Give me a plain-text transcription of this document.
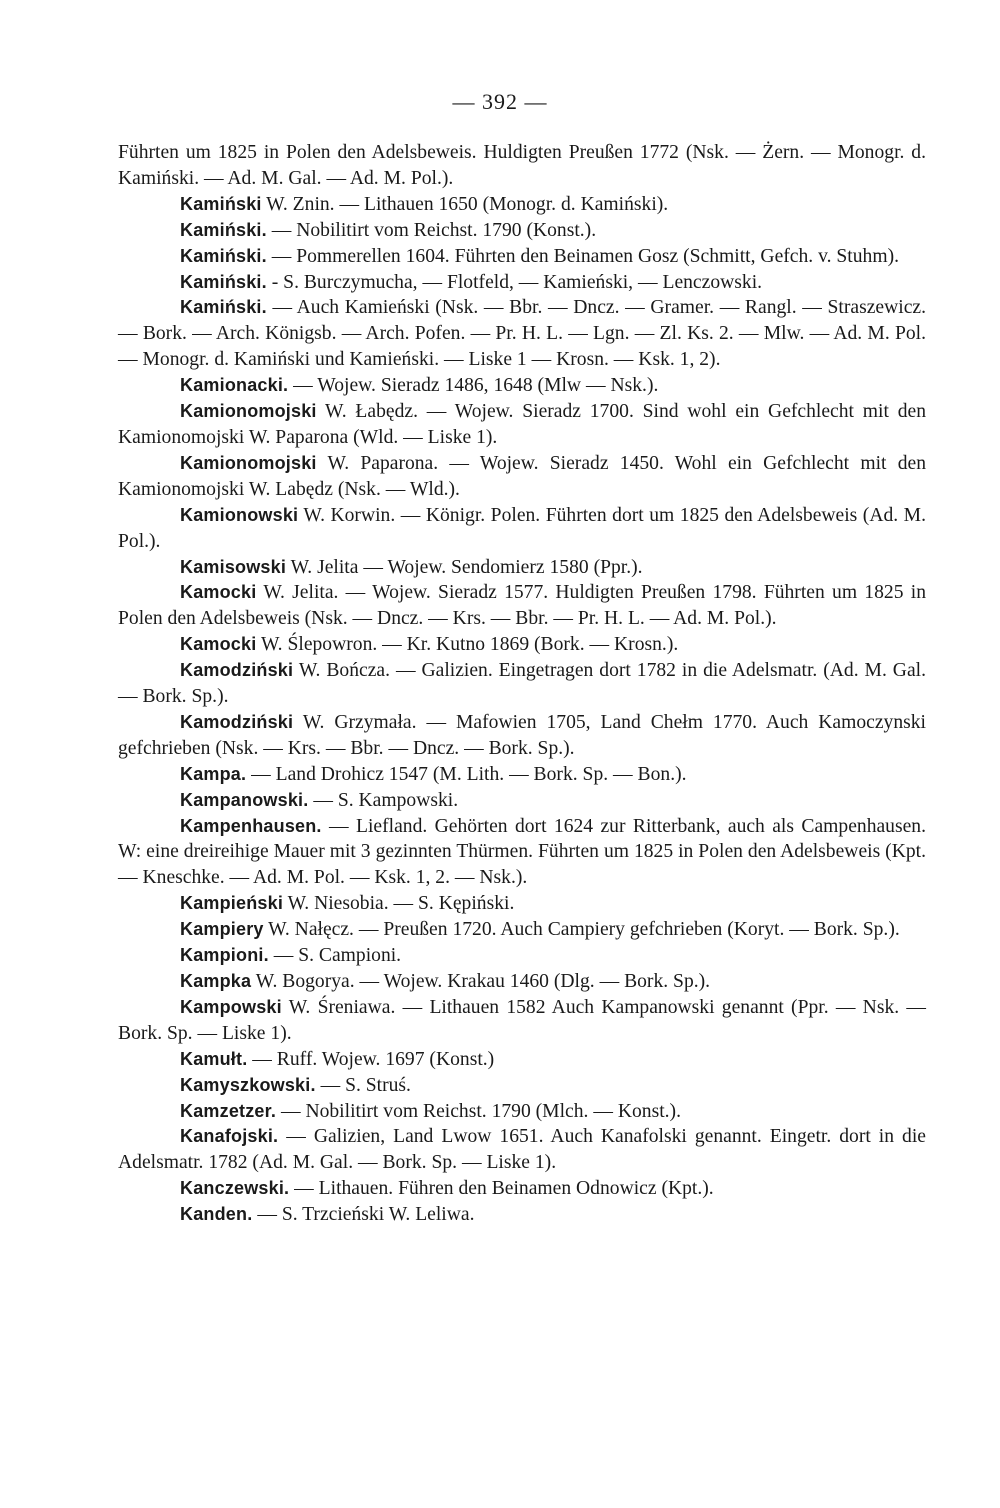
— 392 —

Führten um 1825 in Polen den Adelsbeweis. Huldigten Preußen 1772 (Nsk. — Żern. — Monogr. d. Kamiński. — Ad. M. Gal. — Ad. M. Pol.).

Kamiński W. Znin. — Lithauen 1650 (Monogr. d. Kamiński).

Kamiński. — Nobilitirt vom Reichst. 1790 (Konst.).

Kamiński. — Pommerellen 1604. Führten den Beinamen Gosz (Schmitt, Gefch. v. Stuhm).

Kamiński. - S. Burczymucha, — Flotfeld, — Kamieński, — Lenczowski.

Kamiński. — Auch Kamieński (Nsk. — Bbr. — Dncz. — Gramer. — Rangl. — Straszewicz. — Bork. — Arch. Königsb. — Arch. Pofen. — Pr. H. L. — Lgn. — Zl. Ks. 2. — Mlw. — Ad. M. Pol. — Monogr. d. Kamiński und Kamieński. — Liske 1 — Krosn. — Ksk. 1, 2).

Kamionacki. — Wojew. Sieradz 1486, 1648 (Mlw — Nsk.).

Kamionomojski W. Łabędz. — Wojew. Sieradz 1700. Sind wohl ein Gefchlecht mit den Kamionomojski W. Paparona (Wld. — Liske 1).

Kamionomojski W. Paparona. — Wojew. Sieradz 1450. Wohl ein Gefchlecht mit den Kamionomojski W. Labędz (Nsk. — Wld.).

Kamionowski W. Korwin. — Königr. Polen. Führten dort um 1825 den Adelsbeweis (Ad. M. Pol.).

Kamisowski W. Jelita — Wojew. Sendomierz 1580 (Ppr.).

Kamocki W. Jelita. — Wojew. Sieradz 1577. Huldigten Preußen 1798. Führten um 1825 in Polen den Adelsbeweis (Nsk. — Dncz. — Krs. — Bbr. — Pr. H. L. — Ad. M. Pol.).

Kamocki W. Ślepowron. — Kr. Kutno 1869 (Bork. — Krosn.).

Kamodziński W. Bończa. — Galizien. Eingetragen dort 1782 in die Adelsmatr. (Ad. M. Gal. — Bork. Sp.).

Kamodziński W. Grzymała. — Mafowien 1705, Land Chełm 1770. Auch Kamoczynski gefchrieben (Nsk. — Krs. — Bbr. — Dncz. — Bork. Sp.).

Kampa. — Land Drohicz 1547 (M. Lith. — Bork. Sp. — Bon.).

Kampanowski. — S. Kampowski.

Kampenhausen. — Liefland. Gehörten dort 1624 zur Ritterbank, auch als Campenhausen. W: eine dreireihige Mauer mit 3 gezinnten Thürmen. Führten um 1825 in Polen den Adelsbeweis (Kpt. — Kneschke. — Ad. M. Pol. — Ksk. 1, 2. — Nsk.).

Kampieński W. Niesobia. — S. Kępiński.

Kampiery W. Nałęcz. — Preußen 1720. Auch Campiery gefchrieben (Koryt. — Bork. Sp.).

Kampioni. — S. Campioni.

Kampka W. Bogorya. — Wojew. Krakau 1460 (Dlg. — Bork. Sp.).

Kampowski W. Śreniawa. — Lithauen 1582 Auch Kampanowski genannt (Ppr. — Nsk. — Bork. Sp. — Liske 1).

Kamułt. — Ruff. Wojew. 1697 (Konst.)

Kamyszkowski. — S. Struś.

Kamzetzer. — Nobilitirt vom Reichst. 1790 (Mlch. — Konst.).

Kanafojski. — Galizien, Land Lwow 1651. Auch Kanafolski genannt. Eingetr. dort in die Adelsmatr. 1782 (Ad. M. Gal. — Bork. Sp. — Liske 1).

Kanczewski. — Lithauen. Führen den Beinamen Odnowicz (Kpt.).

Kanden. — S. Trzcieński W. Leliwa.
